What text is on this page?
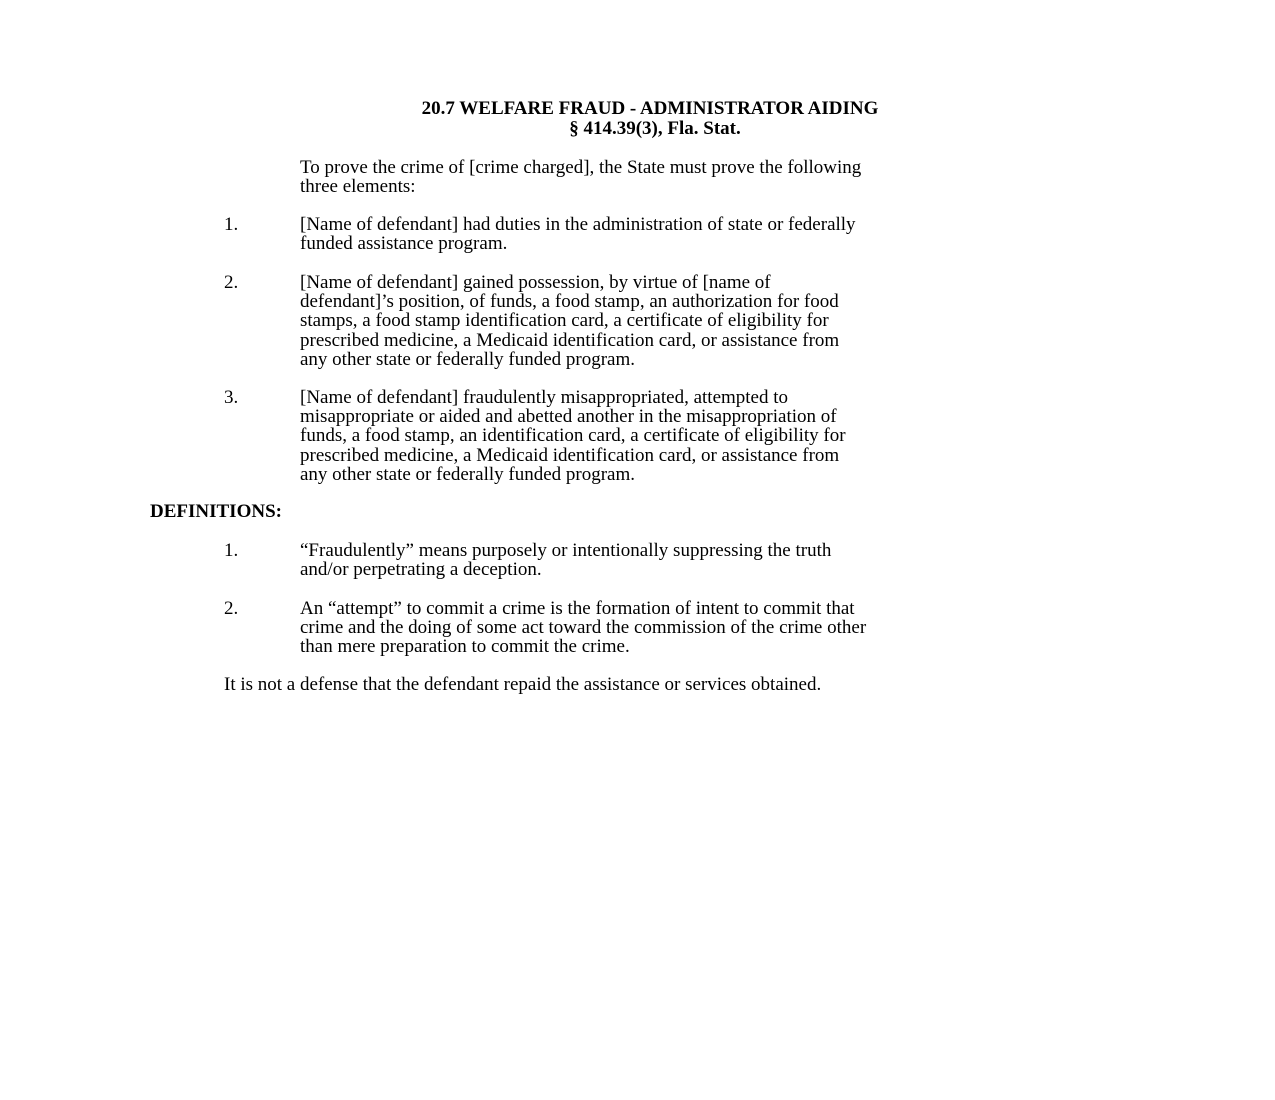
20.7 WELFARE FRAUD - ADMINISTRATOR AIDING
§ 414.39(3), Fla. Stat.
To prove the crime of [crime charged], the State must prove the following
three elements:
1.	[Name of defendant] had duties in the administration of state or federally
funded assistance program.
2.	[Name of defendant] gained possession, by virtue of [name of
defendant]’s position, of funds, a food stamp, an authorization for food
stamps, a food stamp identification card, a certificate of eligibility for
prescribed medicine, a Medicaid identification card, or assistance from
any other state or federally funded program.
3.	[Name of defendant] fraudulently misappropriated, attempted to
misappropriate or aided and abetted another in the misappropriation of
funds, a food stamp, an identification card, a certificate of eligibility for
prescribed medicine, a Medicaid identification card, or assistance from
any other state or federally funded program.
DEFINITIONS:
1.	“Fraudulently” means purposely or intentionally suppressing the truth
and/or perpetrating a deception.
2.	An “attempt” to commit a crime is the formation of intent to commit that
crime and the doing of some act toward the commission of the crime other
than mere preparation to commit the crime.
It is not a defense that the defendant repaid the assistance or services obtained.
